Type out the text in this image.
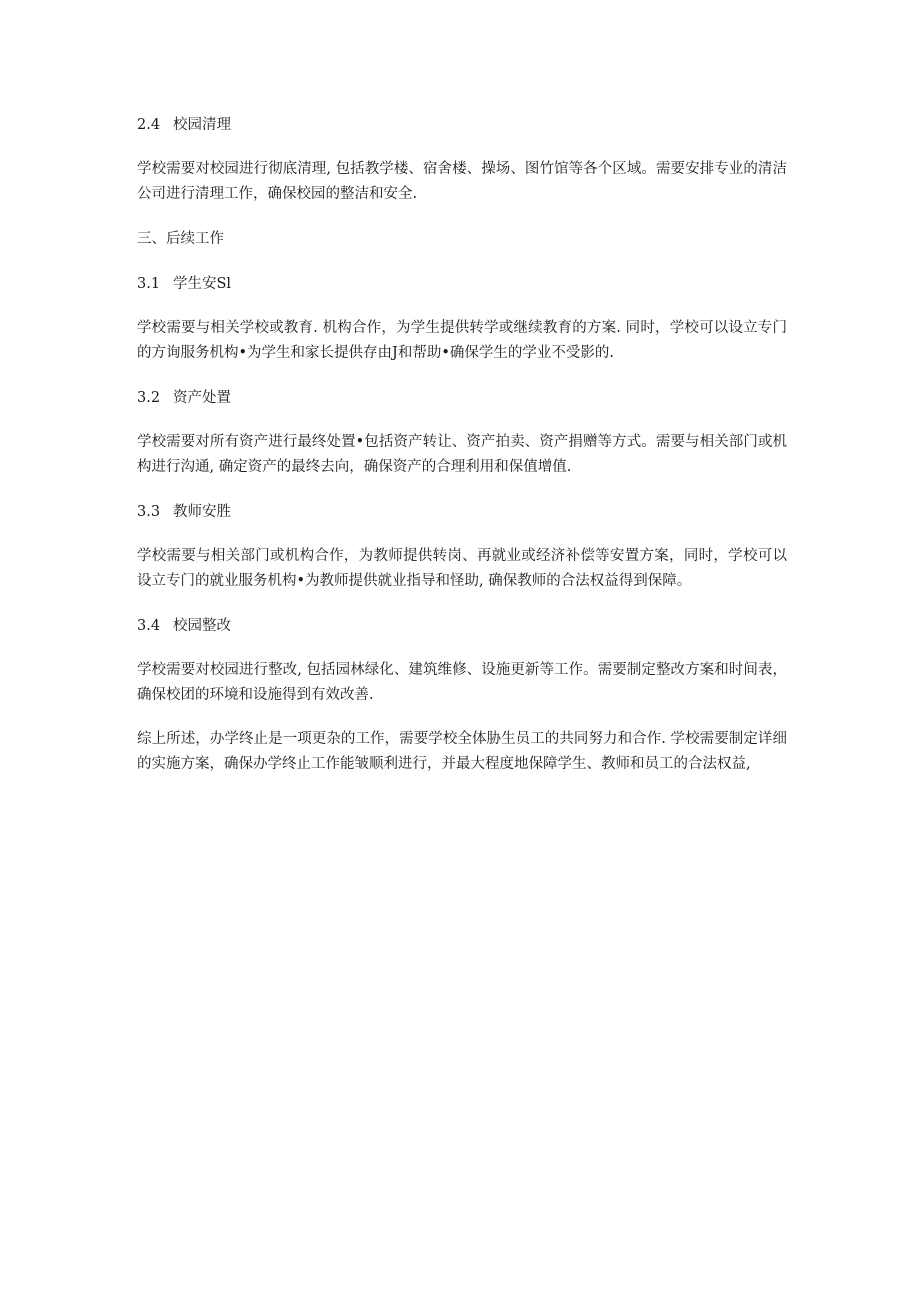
2.4 校园清理

学校需要对校园进行彻底清理, 包括教学楼、宿舍楼、操场、图竹馆等各个区域。需要安排专业的清洁公司进行清理工作，确保校园的整洁和安全.

三、后续工作
3.1 学生安Sl

学校需要与相关学校或教育. 机构合作，为学生提供转学或继续教育的方案. 同时，学校可以设立专门的方询服务机构•为学生和家长提供存由J和帮助•确保学生的学业不受影的.

3.2 资产处置

学校需要对所有资产进行最终处置•包括资产转让、资产拍卖、资产捐赠等方式。需要与相关部门或机构进行沟通, 确定资产的最终去向，确保资产的合理利用和保值增值.

3.3 教师安胜

学校需要与相关部门或机构合作，为教师提供转岗、再就业或经济补偿等安置方案，同时，学校可以设立专门的就业服务机构•为教师提供就业指导和怪助, 确保教师的合法权益得到保障。

3.4 校园整改

学校需要对校园进行整改, 包括园林绿化、建筑维修、设施更新等工作。需要制定整改方案和时间表，确保校团的环境和设施得到有效改善.

综上所述，办学终止是一项更杂的工作，需要学校全体胁生员工的共同努力和合作. 学校需要制定详细的实施方案，确保办学终止工作能皱顺利进行，并最大程度地保障学生、教师和员工的合法权益,
